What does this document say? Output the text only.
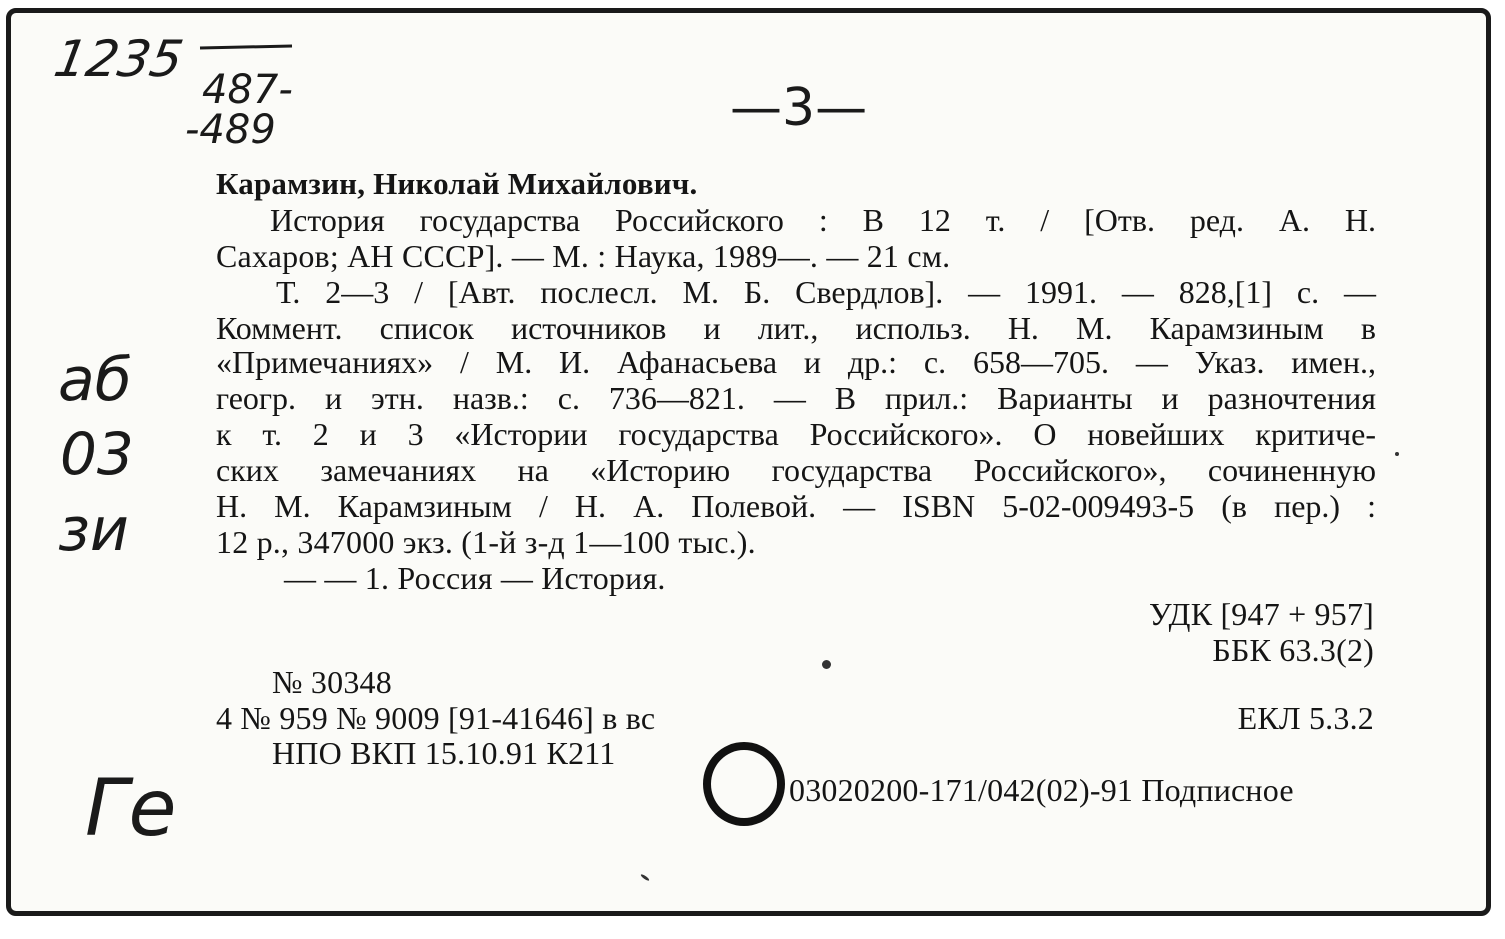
1235
487-
-489	—3—
аб
03
зи
Ге
Карамзин, Николай Михайлович.
История государства Российского : В 12 т. / [Отв. ред. А. Н.
Сахаров; АН СССР]. — М. : Наука, 1989—. — 21 см.
Т. 2—3 / [Авт. послесл. М. Б. Свердлов]. — 1991. — 828,[1] с. —
Коммент. список источников и лит., использ. Н. М. Карамзиным в
«Примечаниях» / М. И. Афанасьева и др.: с. 658—705. — Указ. имен.,
геогр. и этн. назв.: с. 736—821. — В прил.: Варианты и разночтения
к т. 2 и 3 «Истории государства Российского». О новейших критиче-
ских замечаниях на «Историю государства Российского», сочиненную
Н. М. Карамзиным / Н. А. Полевой. — ISBN 5-02-009493-5 (в пер.) :
12 р., 347000 экз. (1-й з-д 1—100 тыс.).
— — 1. Россия — История.
УДК [947 + 957]
ББК 63.3(2)
№ 30348
4 № 959 № 9009 [91-41646] в вс	ЕКЛ 5.3.2
НПО ВКП 15.10.91 К211
03020200-171/042(02)-91 Подписное
